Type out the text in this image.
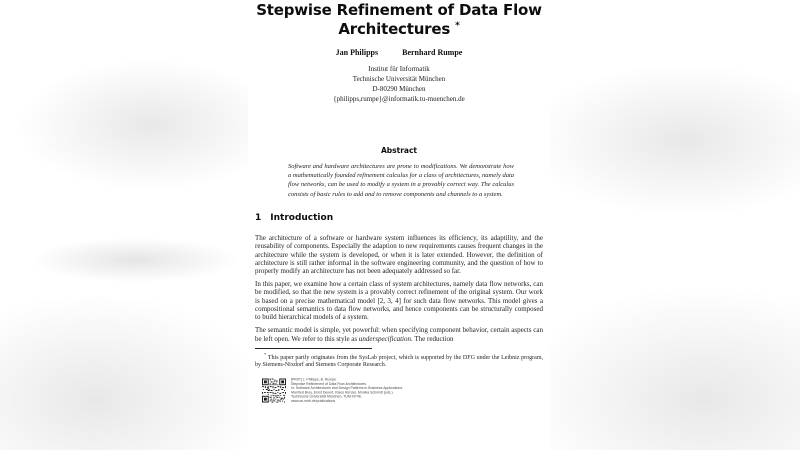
Stepwise Refinement of Data Flow
Architectures *
Jan Philipps	Bernhard Rumpe
Institut für Informatik
Technische Universität München
D-80290 München
{philipps,rumpe}@informatik.tu-muenchen.de
Abstract
Software and hardware architectures are prone to modifications. We demonstrate how a mathematically founded refinement calculus for a class of architectures, namely data flow networks, can be used to modify a system in a provably correct way. The calculus consists of basic rules to add and to remove components and channels to a system.
1 Introduction
The architecture of a software or hardware system influences its efficiency, its adaptility, and the reusability of components. Especially the adaption to new requirements causes frequent changes in the architecture while the system is developed, or when it is later extended. However, the definition of architecture is still rather informal in the software engineering community, and the question of how to properly modify an architecture has not been adequately addressed so far.
In this paper, we examine how a certain class of system architectures, namely data flow networks, can be modified, so that the new system is a provably correct refinement of the original system. Our work is based on a precise mathematical model [2, 3, 4] for such data flow networks. This model gives a compositional semantics to data flow networks, and hence components can be structurally composed to build hierarchical models of a system.
The semantic model is simple, yet powerful: when specifying component behavior, certain aspects can be left open. We refer to this style as underspecification. The reduction
* This paper partly originates from the SysLab project, which is supported by the DFG under the Leibniz program, by Siemens-Nixdorf and Siemens Corporate Research.
[PR97] J. Philipps, B. Rumpe.
Stepwise Refinement of Data Flow Architectures.
In: Software Architectures and Design Patterns in Business Applications.
Manfred Broy, Ernst Denert, Klaus Renzel, Monika Schmidt (eds.)
Technische Universität München, TUM-I9746.
www.se-rwth.de/publications
